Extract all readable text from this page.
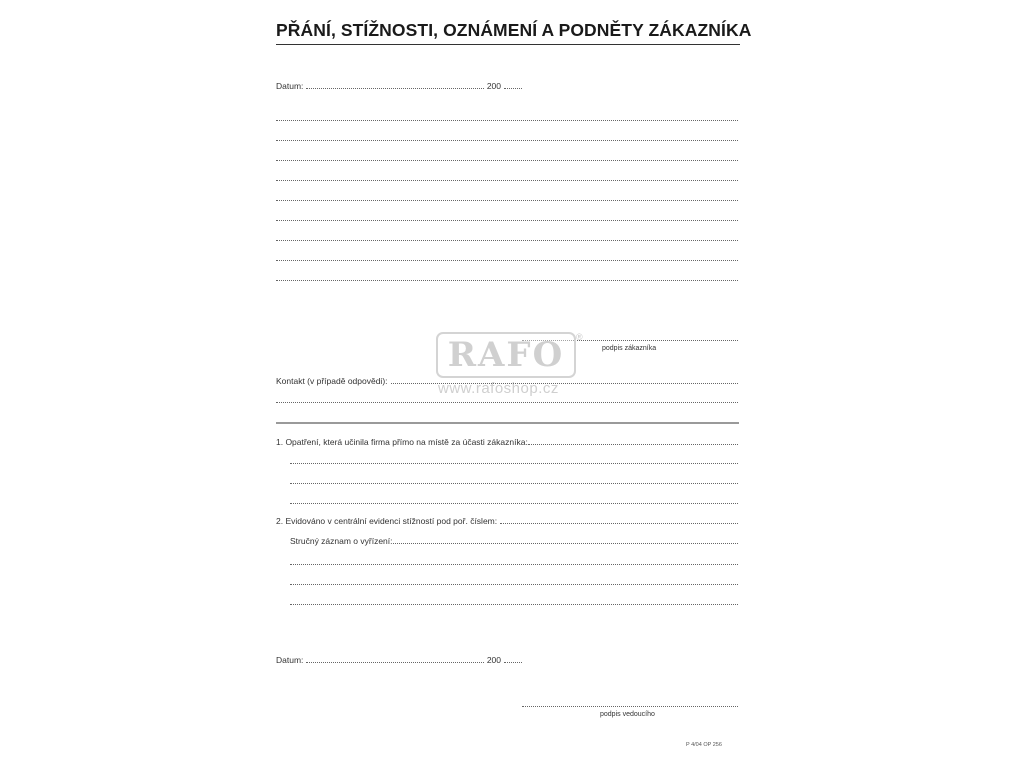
PŘÁNÍ, STÍŽNOSTI, OZNÁMENÍ A PODNĚTY ZÁKAZNÍKA
Datum:	200
podpis zákazníka
RAFO	®
www.rafoshop.cz
Kontakt (v případě odpovědi):
1. Opatření, která učinila firma přímo na místě za účasti zákazníka:
2. Evidováno v centrální evidenci stížností pod poř. číslem:
Stručný záznam o vyřízení:
Datum:	200
podpis vedoucího
P 4/04 OP 256
